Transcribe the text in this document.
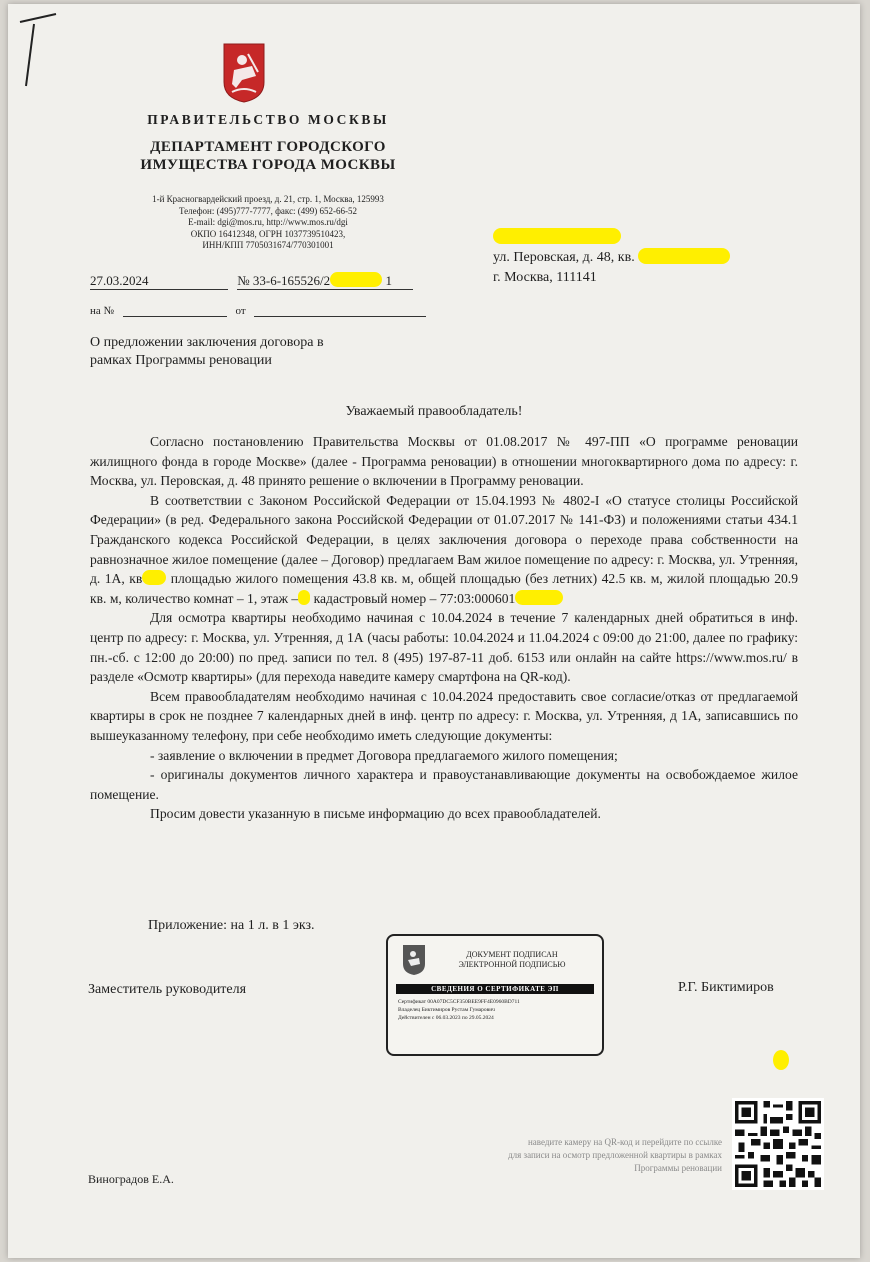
ПРАВИТЕЛЬСТВО МОСКВЫ
ДЕПАРТАМЕНТ ГОРОДСКОГО
ИМУЩЕСТВА ГОРОДА МОСКВЫ
1-й Красногвардейский проезд, д. 21, стр. 1, Москва, 125993
Телефон: (495)777-7777, факс: (499) 652-66-52
E-mail: dgi@mos.ru, http://www.mos.ru/dgi
ОКПО 16412348, ОГРН 1037739510423,
ИНН/КПП 7705031674/770301001
ул. Перовская, д. 48, кв.
г. Москва, 111141
27.03.2024	№ 33-6-165526/2	1
на №	от
О предложении заключения договора в рамках Программы реновации
Уважаемый правообладатель!

Согласно постановлению Правительства Москвы от 01.08.2017 № 497-ПП «О программе реновации жилищного фонда в городе Москве» (далее - Программа реновации) в отношении многоквартирного дома по адресу: г. Москва, ул. Перовская, д. 48 принято решение о включении в Программу реновации.

В соответствии с Законом Российской Федерации от 15.04.1993 № 4802-I «О статусе столицы Российской Федерации» (в ред. Федерального закона Российской Федерации от 01.07.2017 № 141-ФЗ) и положениями статьи 434.1 Гражданского кодекса Российской Федерации, в целях заключения договора о переходе права собственности на равнозначное жилое помещение (далее – Договор) предлагаем Вам жилое помещение по адресу: г. Москва, ул. Утренняя, д. 1А, кв площадью жилого помещения 43.8 кв. м, общей площадью (без летних) 42.5 кв. м, жилой площадью 20.9 кв. м, количество комнат – 1, этаж – кадастровый номер – 77:03:000601

Для осмотра квартиры необходимо начиная с 10.04.2024 в течение 7 календарных дней обратиться в инф. центр по адресу: г. Москва, ул. Утренняя, д 1А (часы работы: 10.04.2024 и 11.04.2024 с 09:00 до 21:00, далее по графику: пн.-сб. с 12:00 до 20:00) по пред. записи по тел. 8 (495) 197-87-11 доб. 6153 или онлайн на сайте https://www.mos.ru/ в разделе «Осмотр квартиры» (для перехода наведите камеру смартфона на QR-код).

Всем правообладателям необходимо начиная с 10.04.2024 предоставить свое согласие/отказ от предлагаемой квартиры в срок не позднее 7 календарных дней в инф. центр по адресу: г. Москва, ул. Утренняя, д 1А, записавшись по вышеуказанному телефону, при себе необходимо иметь следующие документы:

- заявление о включении в предмет Договора предлагаемого жилого помещения;

- оригиналы документов личного характера и правоустанавливающие документы на освобождаемое жилое помещение.

Просим довести указанную в письме информацию до всех правообладателей.

Приложение: на 1 л. в 1 экз.
Заместитель руководителя	Р.Г. Биктимиров
ДОКУМЕНТ ПОДПИСАН
ЭЛЕКТРОННОЙ ПОДПИСЬЮ
СВЕДЕНИЯ О СЕРТИФИКАТЕ ЭП
Сертификат 00A07DC5CF350BEE9FF4E0960BD711
Владелец Биктимиров Рустам Гумарович
Действителен с 06.03.2023 по 29.05.2024
наведите камеру на QR-код и перейдите по ссылке
для записи на осмотр предложенной квартиры в рамках
Программы реновации
Виноградов Е.А.
